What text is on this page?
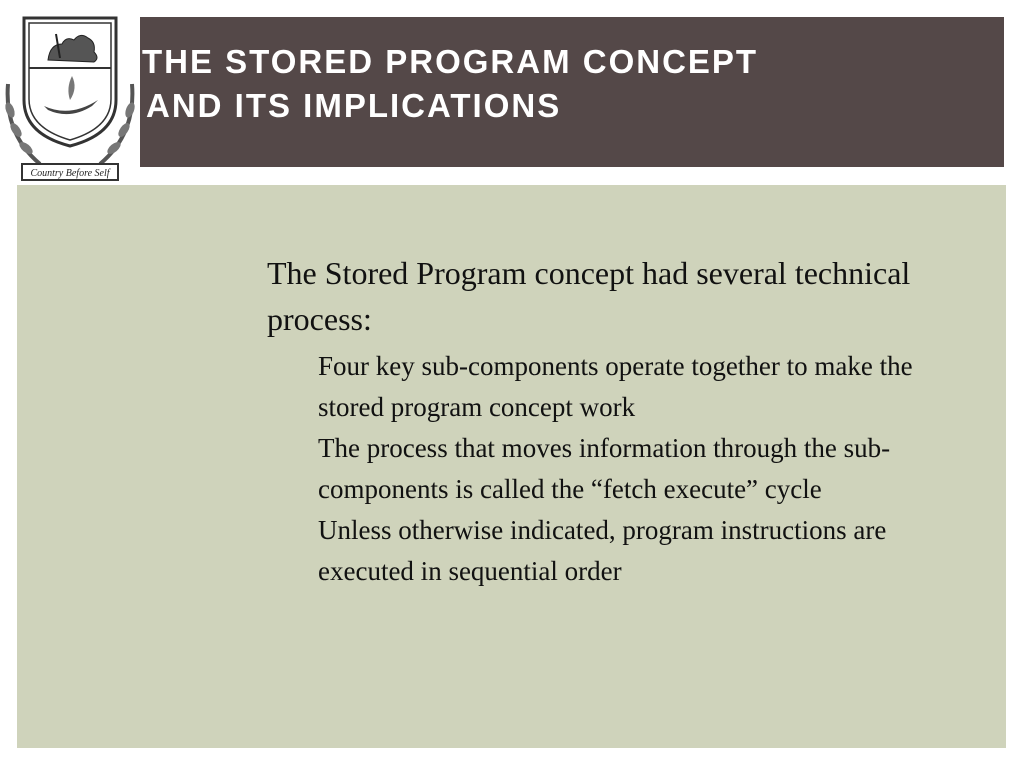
Country Before Self
THE STORED PROGRAM CONCEPT
AND ITS IMPLICATIONS

The Stored Program concept had several technical process:

Four key sub-components operate together to make the stored program concept work
The process that moves information through the sub-components is called the “fetch execute” cycle
Unless otherwise indicated, program instructions are executed in sequential order
